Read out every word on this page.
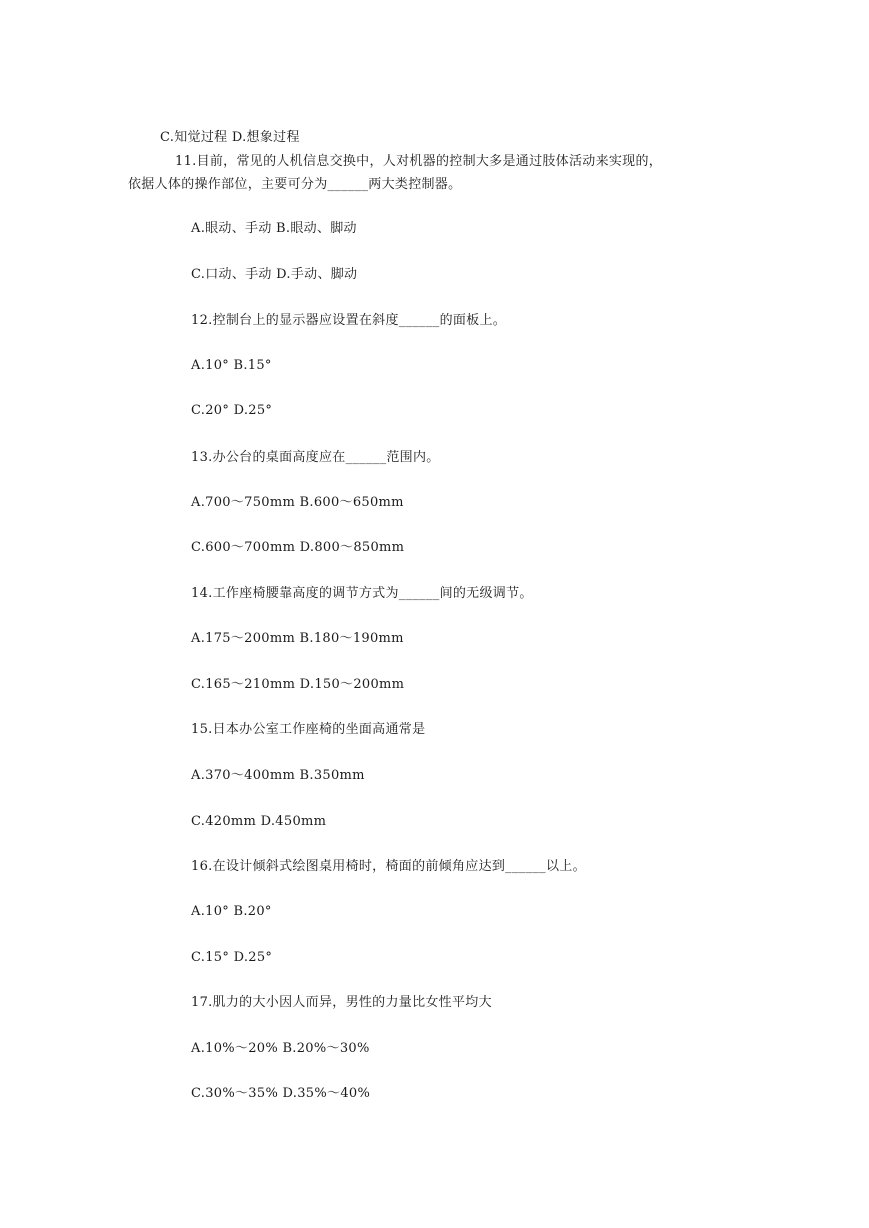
C.知觉过程 D.想象过程
11.目前，常见的人机信息交换中，人对机器的控制大多是通过肢体活动来实现的，
依据人体的操作部位，主要可分为______两大类控制器。
A.眼动、手动 B.眼动、脚动
C.口动、手动 D.手动、脚动
12.控制台上的显示器应设置在斜度______的面板上。
A.10° B.15°
C.20° D.25°
13.办公台的桌面高度应在______范围内。
A.700～750mm B.600～650mm
C.600～700mm D.800～850mm
14.工作座椅腰靠高度的调节方式为______间的无级调节。
A.175～200mm B.180～190mm
C.165～210mm D.150～200mm
15.日本办公室工作座椅的坐面高通常是
A.370～400mm B.350mm
C.420mm D.450mm
16.在设计倾斜式绘图桌用椅时，椅面的前倾角应达到______以上。
A.10° B.20°
C.15° D.25°
17.肌力的大小因人而异，男性的力量比女性平均大
A.10%～20% B.20%～30%
C.30%～35% D.35%～40%
